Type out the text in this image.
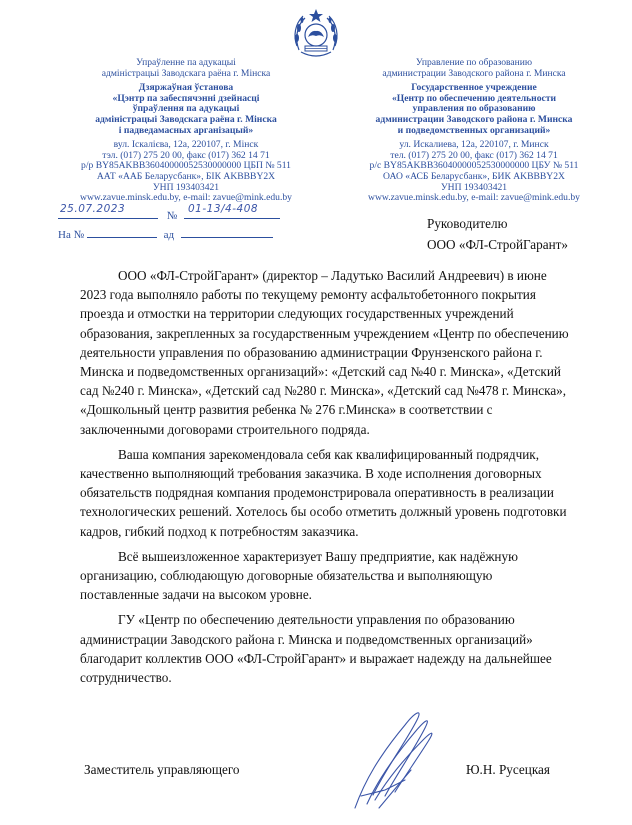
Упраўленне па адукацыі
адміністрацыі Заводскага раёна г. Мінска
Дзяржаўная ўстанова
«Цэнтр па забеспячэнні дзейнасці
ўпраўлення па адукацыі
адміністрацыі Заводскага раёна г. Мінска
і падведамасных арганізацый»
вул. Іскалієва, 12а, 220107, г. Мінск
тэл. (017) 275 20 00, факс (017) 362 14 71
р/р BY85AKBB36040000052530000000 ЦБП № 511
ААТ «ААБ Беларусбанк», БІК AKBBBY2X
УНП 193403421
www.zavue.minsk.edu.by, e-mail: zavue@mink.edu.by
Управление по образованию
администрации Заводского района г. Минска
Государственное учреждение
«Центр по обеспечению деятельности
управления по образованию
администрации Заводского района г. Минска
и подведомственных организаций»
ул. Искалиева, 12а, 220107, г. Минск
тел. (017) 275 20 00, факс (017) 362 14 71
р/с BY85AKBB36040000052530000000 ЦБУ № 511
ОАО «АСБ Беларусбанк», БИК AKBBBY2X
УНП 193403421
www.zavue.minsk.edu.by, e-mail: zavue@mink.edu.by
25.07.2023
№
01-13/4-408
На №	ад
Руководителю
ООО «ФЛ-СтройГарант»

ООО «ФЛ-СтройГарант» (директор – Ладутько Василий Андреевич) в июне 2023 года выполняло работы по текущему ремонту асфальтобетонного покрытия проезда и отмостки на территории следующих государственных учреждений образования, закрепленных за государственным учреждением «Центр по обеспечению деятельности управления по образованию администрации Фрунзенского района г. Минска и подведомственных организаций»: «Детский сад №40 г. Минска», «Детский сад №240 г. Минска», «Детский сад №280 г. Минска», «Детский сад №478 г. Минска», «Дошкольный центр развития ребенка № 276 г.Минска» в соответствии с заключенными договорами строительного подряда.

Ваша компания зарекомендовала себя как квалифицированный подрядчик, качественно выполняющий требования заказчика. В ходе исполнения договорных обязательств подрядная компания продемонстрировала оперативность в реализации технологических решений. Хотелось бы особо отметить должный уровень подготовки кадров, гибкий подход к потребностям заказчика.

Всё вышеизложенное характеризует Вашу предприятие, как надёжную организацию, соблюдающую договорные обязательства и выполняющую поставленные задачи на высоком уровне.

ГУ «Центр по обеспечению деятельности управления по образованию администрации Заводского района г. Минска и подведомственных организаций» благодарит коллектив ООО «ФЛ-СтройГарант» и выражает надежду на дальнейшее сотрудничество.

Заместитель управляющего	Ю.Н. Русецкая
